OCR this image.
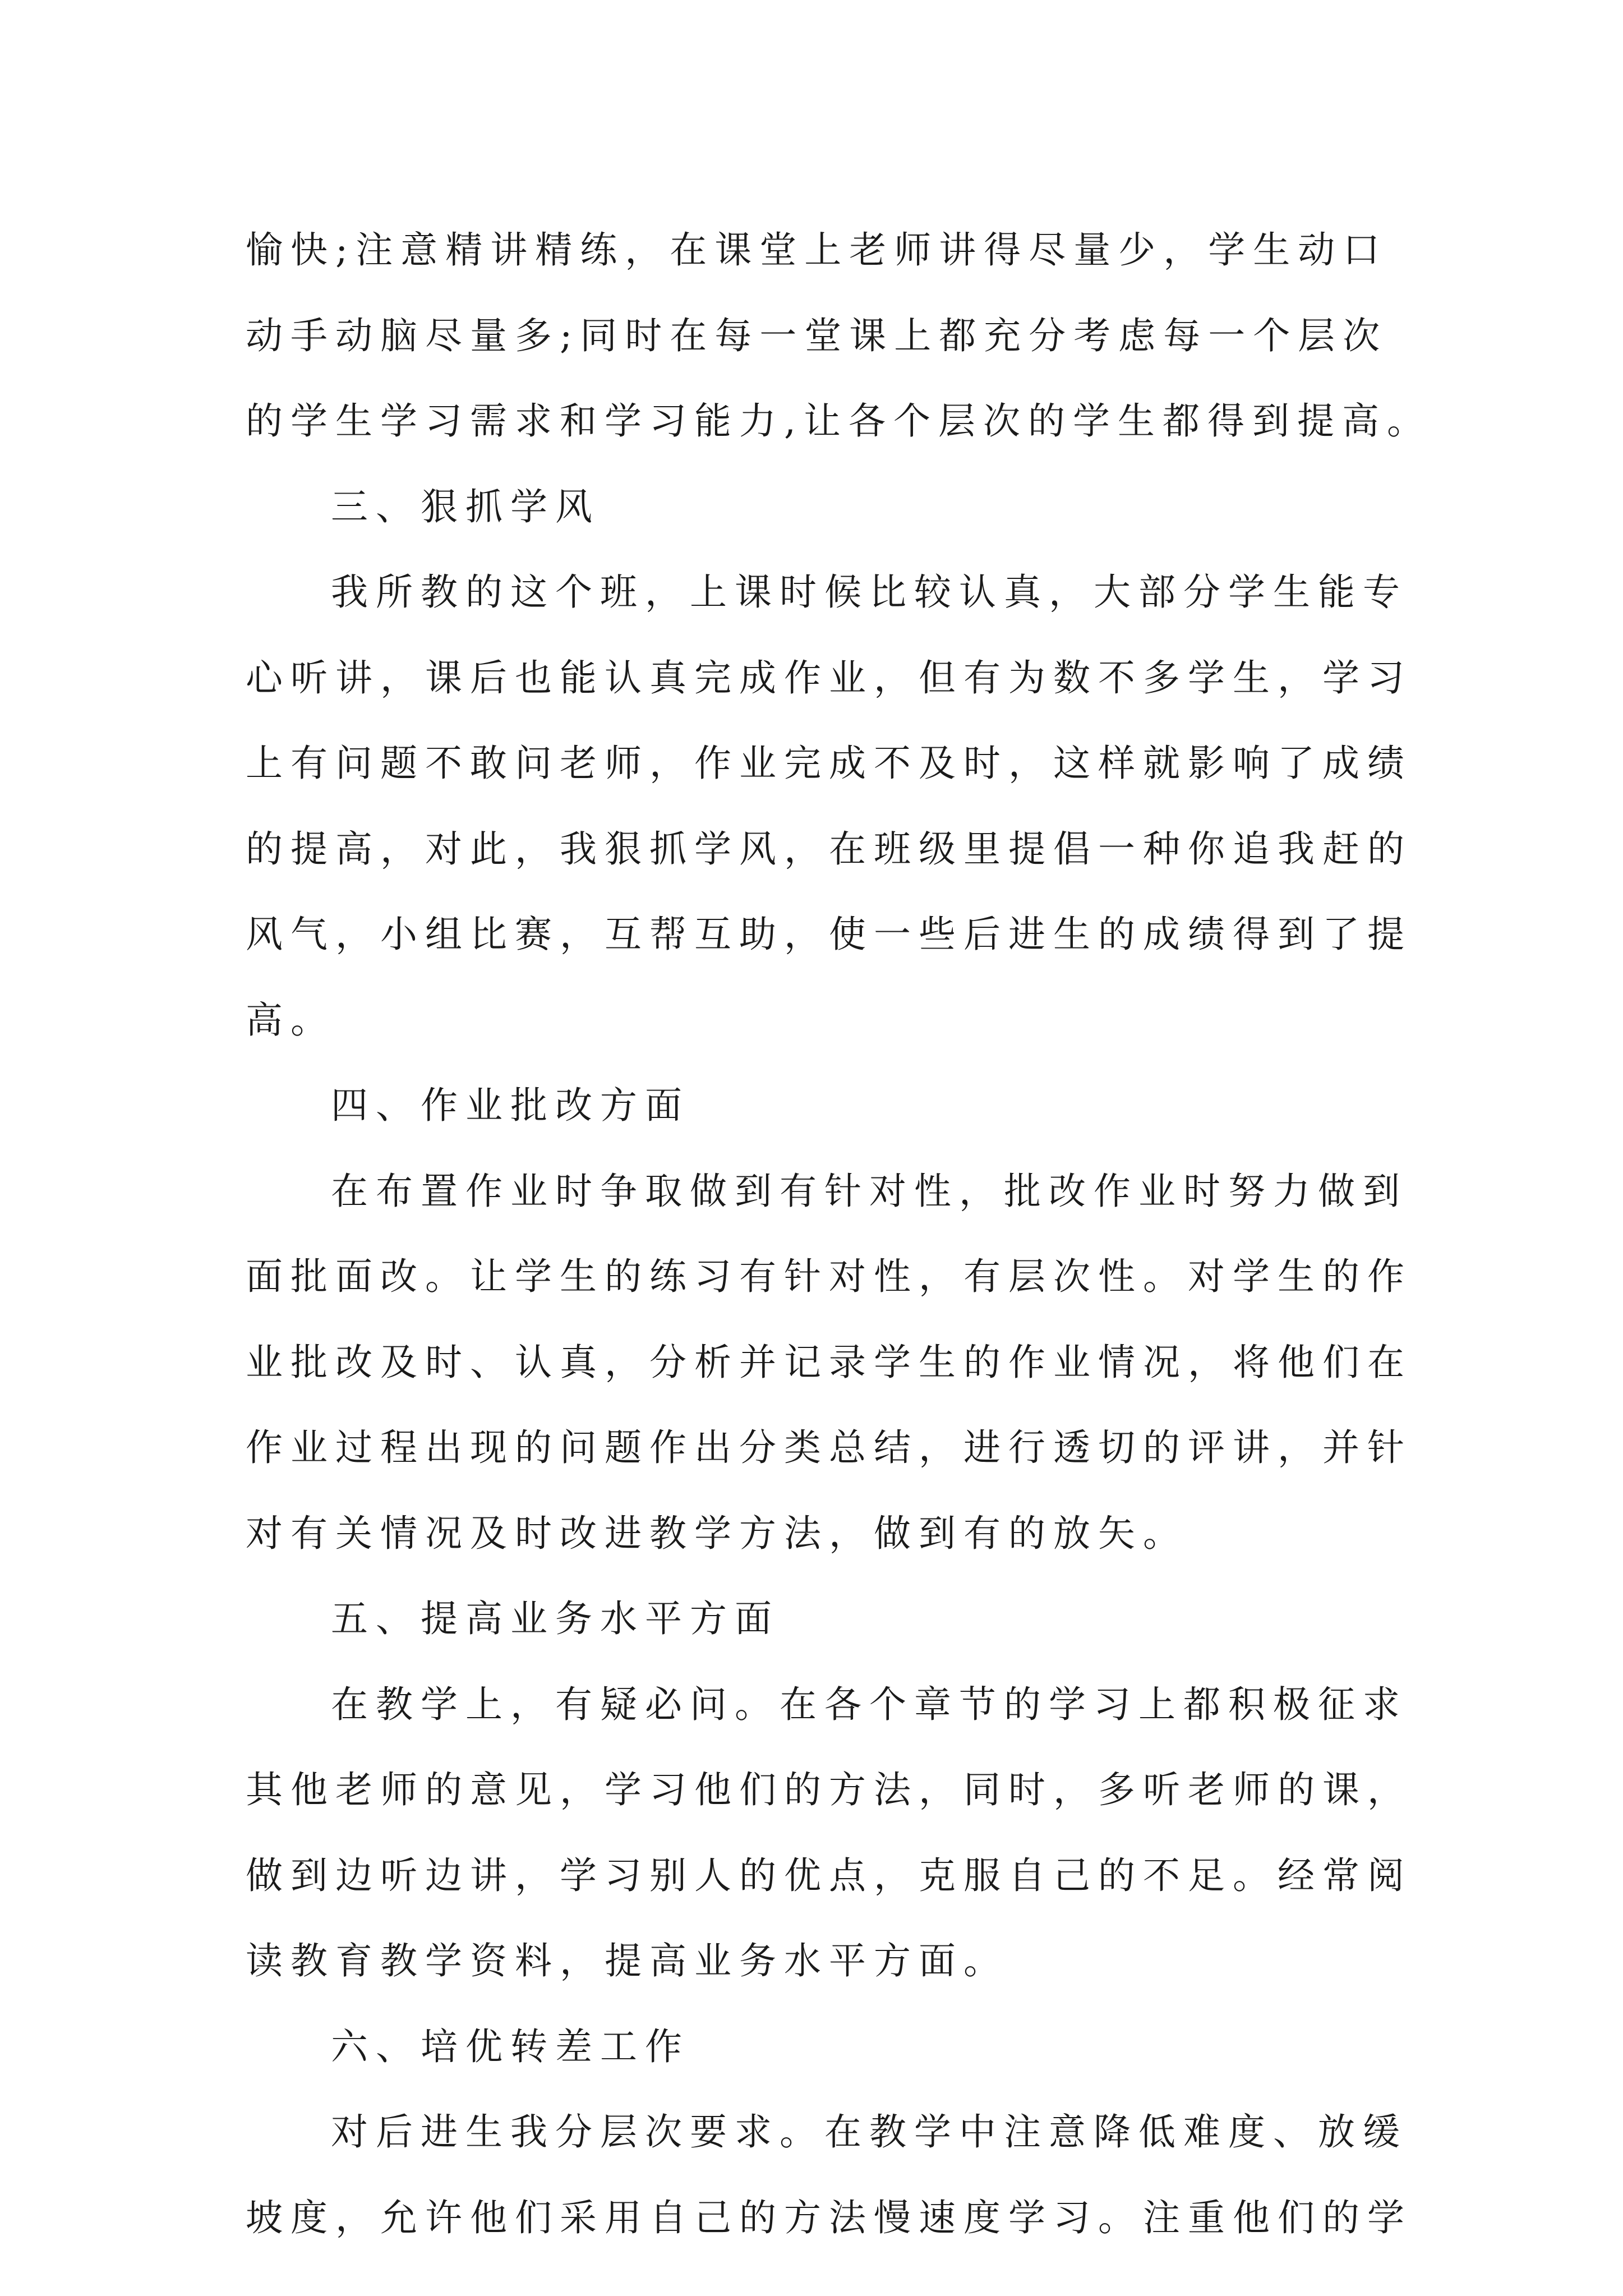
愉快;注意精讲精练，在课堂上老师讲得尽量少，学生动口
动手动脑尽量多;同时在每一堂课上都充分考虑每一个层次
的学生学习需求和学习能力,让各个层次的学生都得到提高。
三、狠抓学风
我所教的这个班，上课时候比较认真，大部分学生能专
心听讲，课后也能认真完成作业，但有为数不多学生，学习
上有问题不敢问老师，作业完成不及时，这样就影响了成绩
的提高，对此，我狠抓学风，在班级里提倡一种你追我赶的
风气，小组比赛，互帮互助，使一些后进生的成绩得到了提
高。
四、作业批改方面
在布置作业时争取做到有针对性，批改作业时努力做到
面批面改。让学生的练习有针对性，有层次性。对学生的作
业批改及时、认真，分析并记录学生的作业情况，将他们在
作业过程出现的问题作出分类总结，进行透切的评讲，并针
对有关情况及时改进教学方法，做到有的放矢。
五、提高业务水平方面
在教学上，有疑必问。在各个章节的学习上都积极征求
其他老师的意见，学习他们的方法，同时，多听老师的课，
做到边听边讲，学习别人的优点，克服自己的不足。经常阅
读教育教学资料，提高业务水平方面。
六、培优转差工作
对后进生我分层次要求。在教学中注意降低难度、放缓
坡度，允许他们采用自己的方法慢速度学习。注重他们的学
